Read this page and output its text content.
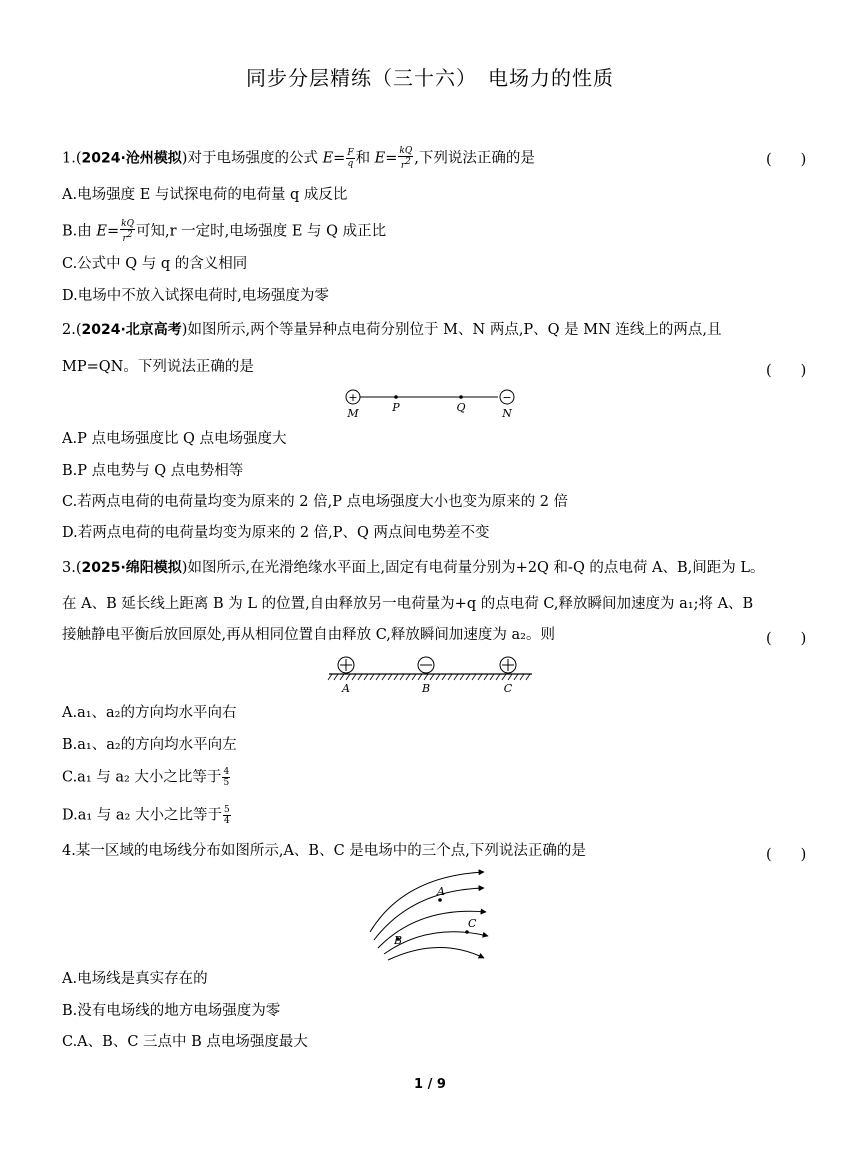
同步分层精练（三十六）　电场力的性质
1.(2024·沧州模拟)对于电场强度的公式 $E= \frac{F}{q}$ 和 $E= \frac{kQ}{r^2}$ ,下列说法正确的是	(　　)
A.电场强度 E 与试探电荷的电荷量 q 成反比
B.由 $E= \frac{kQ}{r^2}$ 可知,r 一定时,电场强度 E 与 Q 成正比
C.公式中 Q 与 q 的含义相同
D.电场中不放入试探电荷时,电场强度为零
2.(2024·北京高考)如图所示,两个等量异种点电荷分别位于 M、N 两点,P、Q 是 MN 连线上的两点,且
MP=QN。下列说法正确的是	(　　)
+	−
M	P	Q	N
A.P 点电场强度比 Q 点电场强度大
B.P 点电势与 Q 点电势相等
C.若两点电荷的电荷量均变为原来的 2 倍,P 点电场强度大小也变为原来的 2 倍
D.若两点电荷的电荷量均变为原来的 2 倍,P、Q 两点间电势差不变
3.(2025·绵阳模拟)如图所示,在光滑绝缘水平面上,固定有电荷量分别为+2Q 和-Q 的点电荷 A、B,间距为 L。
在 A、B 延长线上距离 B 为 L 的位置,自由释放另一电荷量为+q 的点电荷 C,释放瞬间加速度为 a₁;将 A、B
接触静电平衡后放回原处,再从相同位置自由释放 C,释放瞬间加速度为 a₂。则	(　　)
A	B	C
A.a₁、a₂的方向均水平向右
B.a₁、a₂的方向均水平向左
C.a₁ 与 a₂ 大小之比等于 $\frac{4}{5}$
D.a₁ 与 a₂ 大小之比等于 $\frac{5}{4}$
4.某一区域的电场线分布如图所示,A、B、C 是电场中的三个点,下列说法正确的是	(　　)
A
B
C
A.电场线是真实存在的
B.没有电场线的地方电场强度为零
C.A、B、C 三点中 B 点电场强度最大
1 / 9
